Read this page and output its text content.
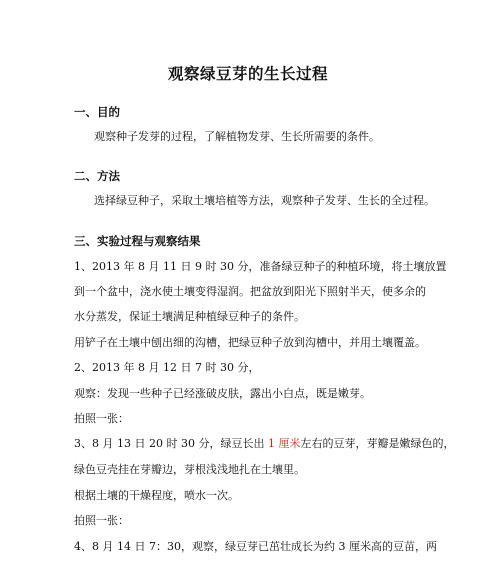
观察绿豆芽的生长过程
一、目的
观察种子发芽的过程，了解植物发芽、生长所需要的条件。
二、方法
选择绿豆种子，采取土壤培植等方法，观察种子发芽、生长的全过程。
三、实验过程与观察结果
1、2013 年 8 月 11 日 9 时 30 分，准备绿豆种子的种植环境，将土壤放置
到一个盆中，浇水使土壤变得湿润。把盆放到阳光下照射半天，使多余的
水分蒸发，保证土壤满足种植绿豆种子的条件。
用铲子在土壤中刨出细的沟槽，把绿豆种子放到沟槽中，并用土壤覆盖。
2、2013 年 8 月 12 日 7 时 30 分，
观察：发现一些种子已经涨破皮肤，露出小白点，既是嫩芽。
拍照一张：
3、8 月 13 日 20 时 30 分，绿豆长出 1 厘米左右的豆芽，芽瓣是嫩绿色的，
绿色豆壳挂在芽瓣边，芽根浅浅地扎在土壤里。
根据土壤的干燥程度，喷水一次。
拍照一张：
4、8 月 14 日 7：30，观察，绿豆芽已茁壮成长为约 3 厘米高的豆苗，两
